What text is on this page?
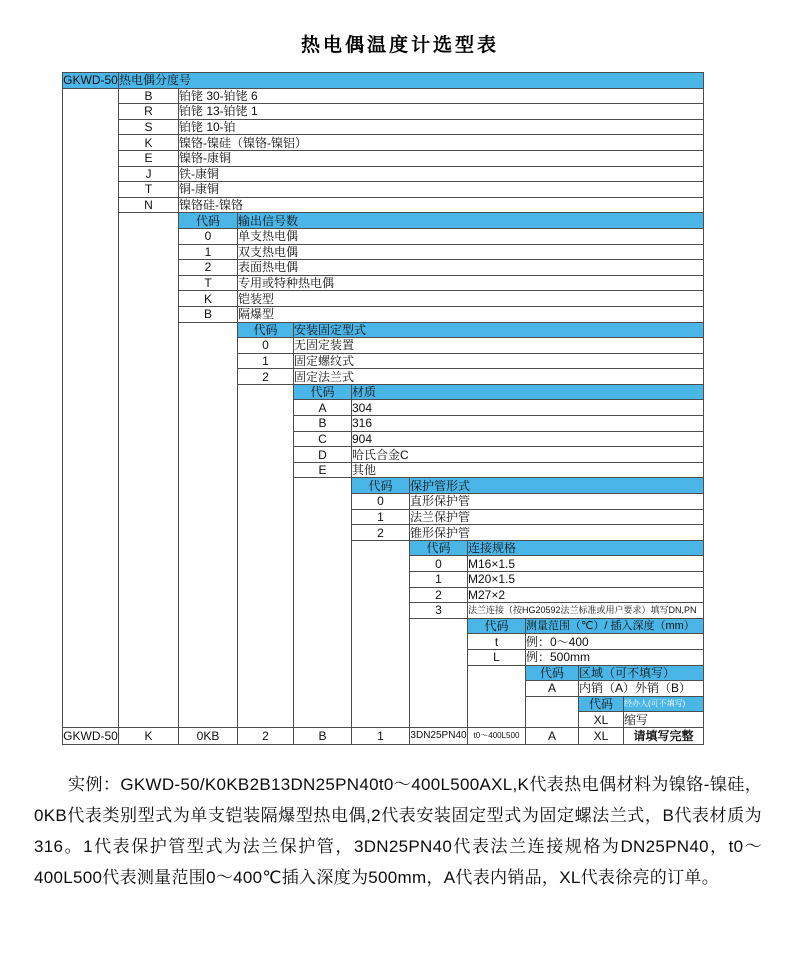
热电偶温度计选型表
GKWD-50	热电偶分度号									
	B	铂铑 30-铂铑 6								
	R	铂铑 13-铂铑 1								
	S	铂铑 10-铂								
	K	镍铬-镍硅（镍铬-镍铝）								
	E	镍铬-康铜								
	J	铁-康铜								
	T	铜-康铜								
	N	镍铬硅-镍铬								
		代码	输出信号数							
		0	单支热电偶							
		1	双支热电偶							
		2	表面热电偶							
		T	专用或特种热电偶							
		K	铠装型							
		B	隔爆型							
			代码	安装固定型式						
			0	无固定装置						
			1	固定螺纹式						
			2	固定法兰式						
				代码	材质					
				A	304					
				B	316					
				C	904					
				D	哈氏合金C					
				E	其他					
					代码	保护管形式				
					0	直形保护管				
					1	法兰保护管				
					2	锥形保护管				
						代码	连接规格			
						0	M16×1.5			
						1	M20×1.5			
						2	M27×2			
						3	法兰连接（按HG20592法兰标准或用户要求）填写DN,PN			
							代码	测量范围（℃）/ 插入深度（mm）		
							t	例：0～400		
							L	例：500mm		
								代码	区域（可不填写）	
								A	内销（A）外销（B）	
									代码	经办人(可不填写)
									XL	缩写
GKWD-50	K	0KB	2	B	1	3DN25PN40	t0～400L500	A	XL	请填写完整

实例：GKWD-50/K0KB2B13DN25PN40t0～400L500AXL,K代表热电偶材料为镍铬-镍硅，0KB代表类别型式为单支铠装隔爆型热电偶,2代表安装固定型式为固定螺法兰式，B代表材质为316。1代表保护管型式为法兰保护管，3DN25PN40代表法兰连接规格为DN25PN40，t0～400L500代表测量范围0～400℃插入深度为500mm，A代表内销品，XL代表徐亮的订单。
